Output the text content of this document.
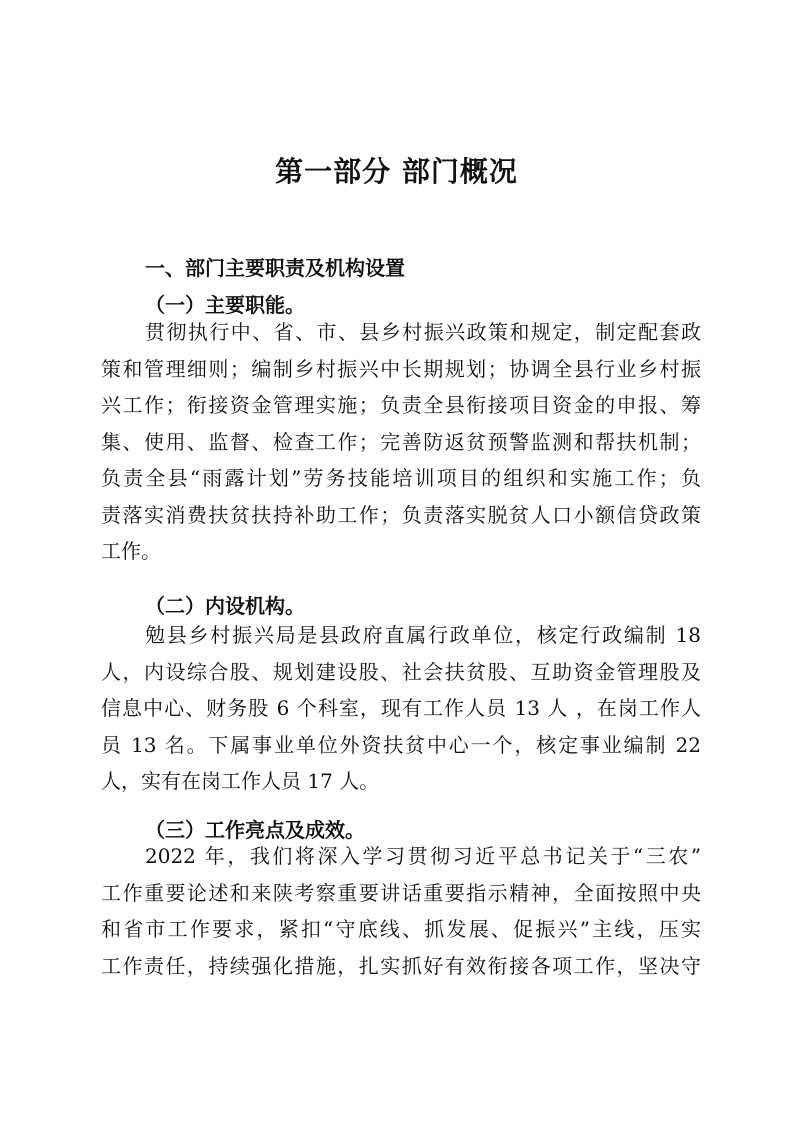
第一部分 部门概况
一、部门主要职责及机构设置
（一）主要职能。
贯彻执行中、省、市、县乡村振兴政策和规定，制定配套政
策和管理细则；编制乡村振兴中长期规划；协调全县行业乡村振
兴工作；衔接资金管理实施；负责全县衔接项目资金的申报、筹
集、使用、监督、检查工作；完善防返贫预警监测和帮扶机制；
负责全县“雨露计划”劳务技能培训项目的组织和实施工作；负
责落实消费扶贫扶持补助工作；负责落实脱贫人口小额信贷政策
工作。
（二）内设机构。
勉县乡村振兴局是县政府直属行政单位，核定行政编制 18
人，内设综合股、规划建设股、社会扶贫股、互助资金管理股及
信息中心、财务股 6 个科室，现有工作人员 13 人 ，在岗工作人
员 13 名。下属事业单位外资扶贫中心一个，核定事业编制 22
人，实有在岗工作人员 17 人。
（三）工作亮点及成效。
2022 年，我们将深入学习贯彻习近平总书记关于“三农”
工作重要论述和来陕考察重要讲话重要指示精神，全面按照中央
和省市工作要求，紧扣“守底线、抓发展、促振兴”主线，压实
工作责任，持续强化措施，扎实抓好有效衔接各项工作，坚决守
